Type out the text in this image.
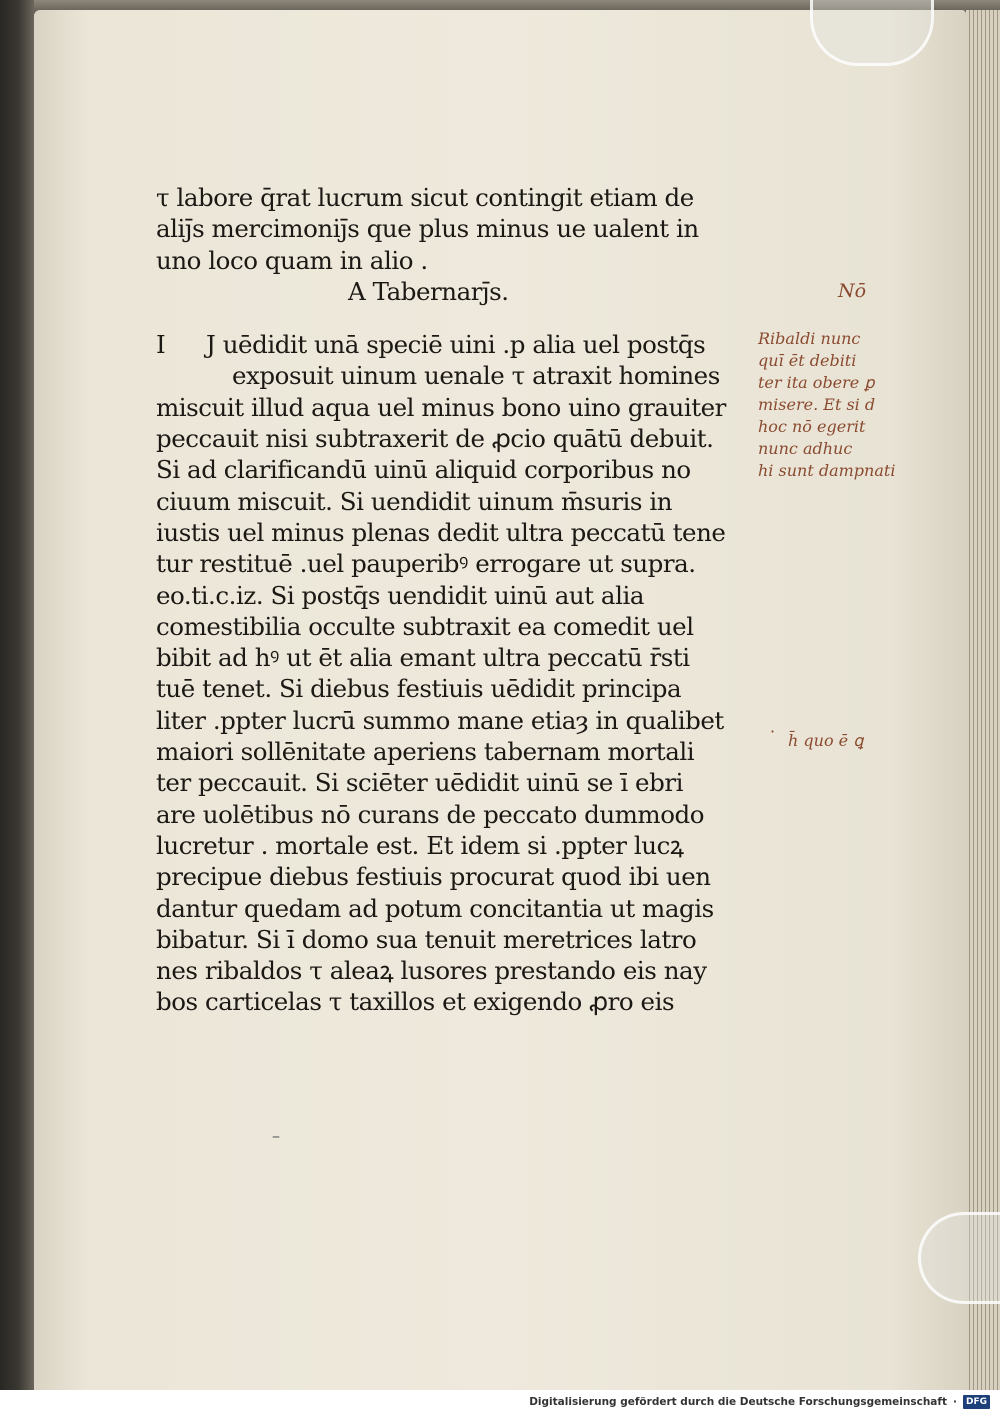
τ labore q̄rat lucrum sicut contingit etiam de
aliȷ̄s mercimoniȷ̄s que plus minus ue ualent in
uno loco quam in alio .
A Tabernarȷ̄s.
I J uēdidit unā speciē uini .p alia uel postq̄s
exposuit uinum uenale τ atraxit homines
miscuit illud aqua uel minus bono uino grauiter
peccauit nisi subtraxerit de ꝓcio quātū debuit.
Si ad clarificandū uinū aliquid corporibus no
ciuum miscuit. Si uendidit uinum m̄suris in
iustis uel minus plenas dedit ultra peccatū tene
tur restituē .uel pauperibꝰ errogare ut supra.
eo.ti.c.iz. Si postq̄s uendidit uinū aut alia
comestibilia occulte subtraxit ea comedit uel
bibit ad hꝰ ut ēt alia emant ultra peccatū r̄sti
tuē tenet. Si diebus festiuis uēdidit principa
liter .ppter lucrū summo mane etiaȝ in qualibet
maiori sollēnitate aperiens tabernam mortali
ter peccauit. Si sciēter uēdidit uinū se ī ebri
are uolētibus nō curans de peccato dummodo
lucretur . mortale est. Et idem si .ppter lucꝝ
precipue diebus festiuis procurat quod ibi uen
dantur quedam ad potum concitantia ut magis
bibatur. Si ī domo sua tenuit meretrices latro
nes ribaldos τ aleaꝝ lusores prestando eis nay
bos carticelas τ taxillos et exigendo ꝓro eis
Nō
Ribaldi nunc
quī ēt debiti
ter ita obere ꝑ
misere. Et si d
hoc nō egerit
nunc adhuc
hi sunt dampnati
h̄ quo ē ꝗ
·
–
Digitalisierung gefördert durch die Deutsche Forschungsgemeinschaft ·	DFG
